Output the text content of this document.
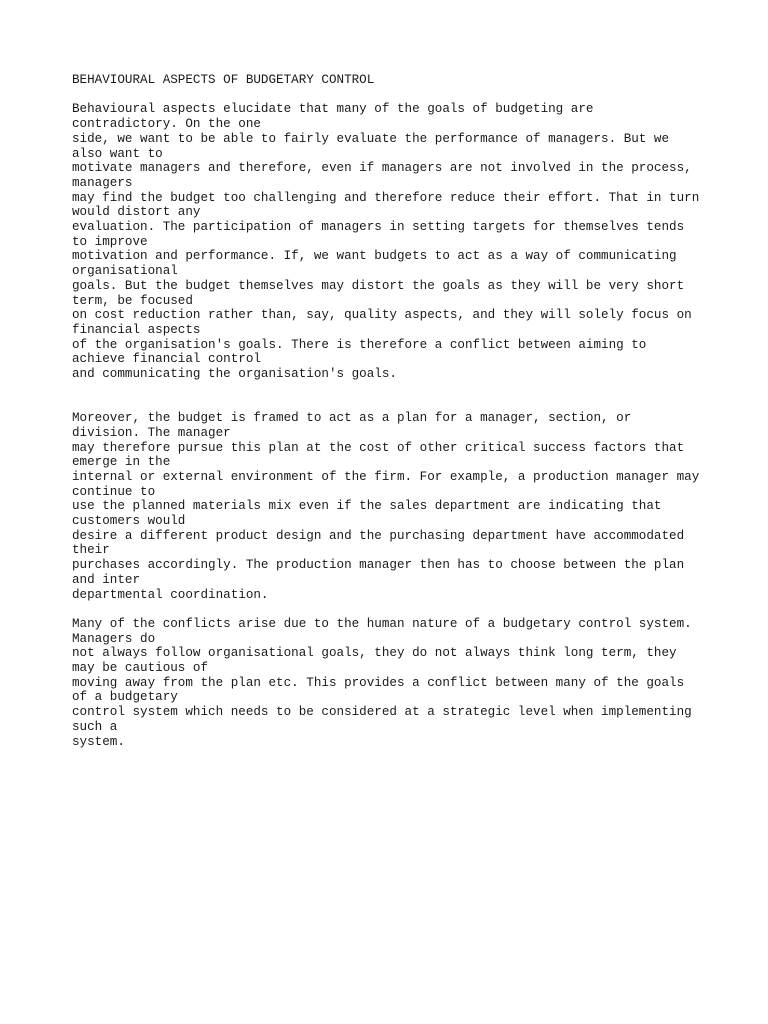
BEHAVIOURAL ASPECTS OF BUDGETARY CONTROL
Behavioural aspects elucidate that many of the goals of budgeting are
contradictory. On the one
side, we want to be able to fairly evaluate the performance of managers. But we
also want to
motivate managers and therefore, even if managers are not involved in the process,
managers
may find the budget too challenging and therefore reduce their effort. That in turn
would distort any
evaluation. The participation of managers in setting targets for themselves tends
to improve
motivation and performance. If, we want budgets to act as a way of communicating
organisational
goals. But the budget themselves may distort the goals as they will be very short
term, be focused
on cost reduction rather than, say, quality aspects, and they will solely focus on
financial aspects
of the organisation's goals. There is therefore a conflict between aiming to
achieve financial control
and communicating the organisation's goals.
Moreover, the budget is framed to act as a plan for a manager, section, or
division. The manager
may therefore pursue this plan at the cost of other critical success factors that
emerge in the
internal or external environment of the firm. For example, a production manager may
continue to
use the planned materials mix even if the sales department are indicating that
customers would
desire a different product design and the purchasing department have accommodated
their
purchases accordingly. The production manager then has to choose between the plan
and inter
departmental coordination.
Many of the conflicts arise due to the human nature of a budgetary control system.
Managers do
not always follow organisational goals, they do not always think long term, they
may be cautious of
moving away from the plan etc. This provides a conflict between many of the goals
of a budgetary
control system which needs to be considered at a strategic level when implementing
such a
system.
